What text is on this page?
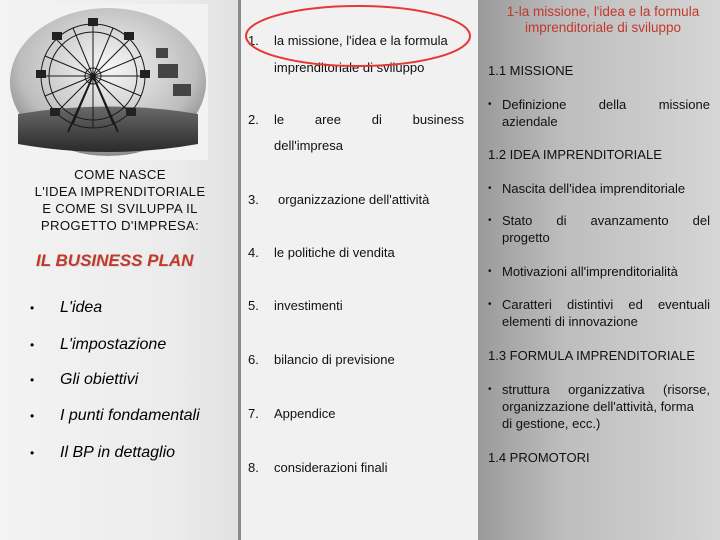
COME NASCE
L'IDEA IMPRENDITORIALE
E COME SI SVILUPPA IL
PROGETTO D'IMPRESA:
IL BUSINESS PLAN
• L'idea
• L'impostazione
• Gli obiettivi
• I punti fondamentali
• Il BP in dettaglio
1. la missione, l'idea e la formula
imprenditoriale di sviluppo
2. le aree di business
dell'impresa
3. organizzazione dell'attività
4. le politiche di vendita
5. investimenti
6. bilancio di previsione
7. Appendice
8. considerazioni finali
1-la missione, l'idea e la formula
imprenditoriale di sviluppo
1.1 MISSIONE
• Definizione della missione
aziendale
1.2 IDEA IMPRENDITORIALE
• Nascita dell'idea imprenditoriale
• Stato di avanzamento del
progetto
• Motivazioni all'imprenditorialità
• Caratteri distintivi ed eventuali
elementi di innovazione
1.3 FORMULA IMPRENDITORIALE
• struttura organizzativa (risorse,
organizzazione dell'attività, forma
di gestione, ecc.)
1.4 PROMOTORI
